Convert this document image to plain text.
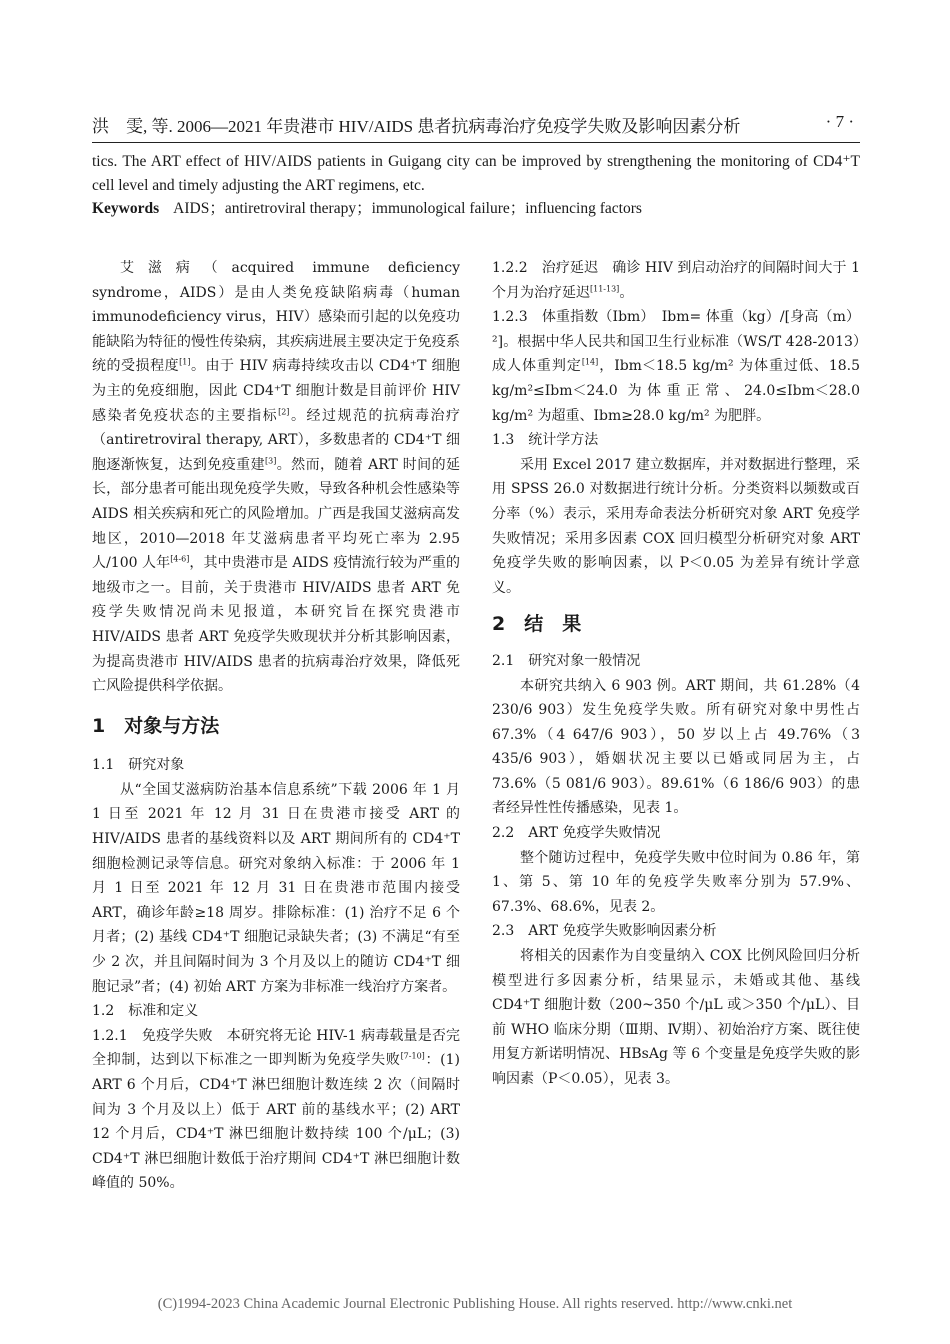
洪　雯, 等. 2006—2021 年贵港市 HIV/AIDS 患者抗病毒治疗免疫学失败及影响因素分析	· 7 ·

tics. The ART effect of HIV/AIDS patients in Guigang city can be improved by strengthening the monitoring of CD4⁺T cell level and timely adjusting the ART regimens, etc.

Keywords AIDS；antiretroviral therapy；immunological failure；influencing factors

艾滋病（acquired immune deficiency syndrome，AIDS）是由人类免疫缺陷病毒（human immunodeficiency virus，HIV）感染而引起的以免疫功能缺陷为特征的慢性传染病，其疾病进展主要决定于免疫系统的受损程度[1]。由于 HIV 病毒持续攻击以 CD4⁺T 细胞为主的免疫细胞，因此 CD4⁺T 细胞计数是目前评价 HIV 感染者免疫状态的主要指标[2]。经过规范的抗病毒治疗（antiretroviral therapy, ART），多数患者的 CD4⁺T 细胞逐渐恢复，达到免疫重建[3]。然而，随着 ART 时间的延长，部分患者可能出现免疫学失败，导致各种机会性感染等 AIDS 相关疾病和死亡的风险增加。广西是我国艾滋病高发地区，2010—2018 年艾滋病患者平均死亡率为 2.95 人/100 人年[4-6]，其中贵港市是 AIDS 疫情流行较为严重的地级市之一。目前，关于贵港市 HIV/AIDS 患者 ART 免疫学失败情况尚未见报道，本研究旨在探究贵港市 HIV/AIDS 患者 ART 免疫学失败现状并分析其影响因素，为提高贵港市 HIV/AIDS 患者的抗病毒治疗效果，降低死亡风险提供科学依据。

1　对象与方法

1.1　研究对象

从“全国艾滋病防治基本信息系统”下载 2006 年 1 月 1 日至 2021 年 12 月 31 日在贵港市接受 ART 的 HIV/AIDS 患者的基线资料以及 ART 期间所有的 CD4⁺T 细胞检测记录等信息。研究对象纳入标准：于 2006 年 1 月 1 日至 2021 年 12 月 31 日在贵港市范围内接受 ART，确诊年龄≥18 周岁。排除标准：(1) 治疗不足 6 个月者；(2) 基线 CD4⁺T 细胞记录缺失者；(3) 不满足“有至少 2 次，并且间隔时间为 3 个月及以上的随访 CD4⁺T 细胞记录”者；(4) 初始 ART 方案为非标准一线治疗方案者。

1.2　标准和定义

1.2.1　免疫学失败　本研究将无论 HIV-1 病毒载量是否完全抑制，达到以下标准之一即判断为免疫学失败[7-10]：(1) ART 6 个月后，CD4⁺T 淋巴细胞计数连续 2 次（间隔时间为 3 个月及以上）低于 ART 前的基线水平；(2) ART 12 个月后，CD4⁺T 淋巴细胞计数持续 100 个/μL；(3) CD4⁺T 淋巴细胞计数低于治疗期间 CD4⁺T 淋巴细胞计数峰值的 50%。

1.2.2　治疗延迟　确诊 HIV 到启动治疗的间隔时间大于 1 个月为治疗延迟[11-13]。

1.2.3　体重指数（Ibm）　Ibm= 体重（kg）/[身高（m）²]。根据中华人民共和国卫生行业标准（WS/T 428-2013）成人体重判定[14]，Ibm＜18.5 kg/m² 为体重过低、18.5 kg/m²≤Ibm＜24.0 为体重正常、24.0≤Ibm＜28.0 kg/m² 为超重、Ibm≥28.0 kg/m² 为肥胖。

1.3　统计学方法

采用 Excel 2017 建立数据库，并对数据进行整理，采用 SPSS 26.0 对数据进行统计分析。分类资料以频数或百分率（%）表示，采用寿命表法分析研究对象 ART 免疫学失败情况；采用多因素 COX 回归模型分析研究对象 ART 免疫学失败的影响因素，以 P＜0.05 为差异有统计学意义。

2　结　果

2.1　研究对象一般情况

本研究共纳入 6 903 例。ART 期间，共 61.28%（4 230/6 903）发生免疫学失败。所有研究对象中男性占 67.3%（4 647/6 903），50 岁以上占 49.76%（3 435/6 903），婚姻状况主要以已婚或同居为主，占 73.6%（5 081/6 903）。89.61%（6 186/6 903）的患者经异性性传播感染，见表 1。

2.2　ART 免疫学失败情况

整个随访过程中，免疫学失败中位时间为 0.86 年，第 1、第 5、第 10 年的免疫学失败率分别为 57.9%、67.3%、68.6%，见表 2。

2.3　ART 免疫学失败影响因素分析

将相关的因素作为自变量纳入 COX 比例风险回归分析模型进行多因素分析，结果显示，未婚或其他、基线 CD4⁺T 细胞计数（200~350 个/μL 或＞350 个/μL）、目前 WHO 临床分期（Ⅲ期、Ⅳ期）、初始治疗方案、既往使用复方新诺明情况、HBsAg 等 6 个变量是免疫学失败的影响因素（P＜0.05），见表 3。

(C)1994-2023 China Academic Journal Electronic Publishing House. All rights reserved. http://www.cnki.net
